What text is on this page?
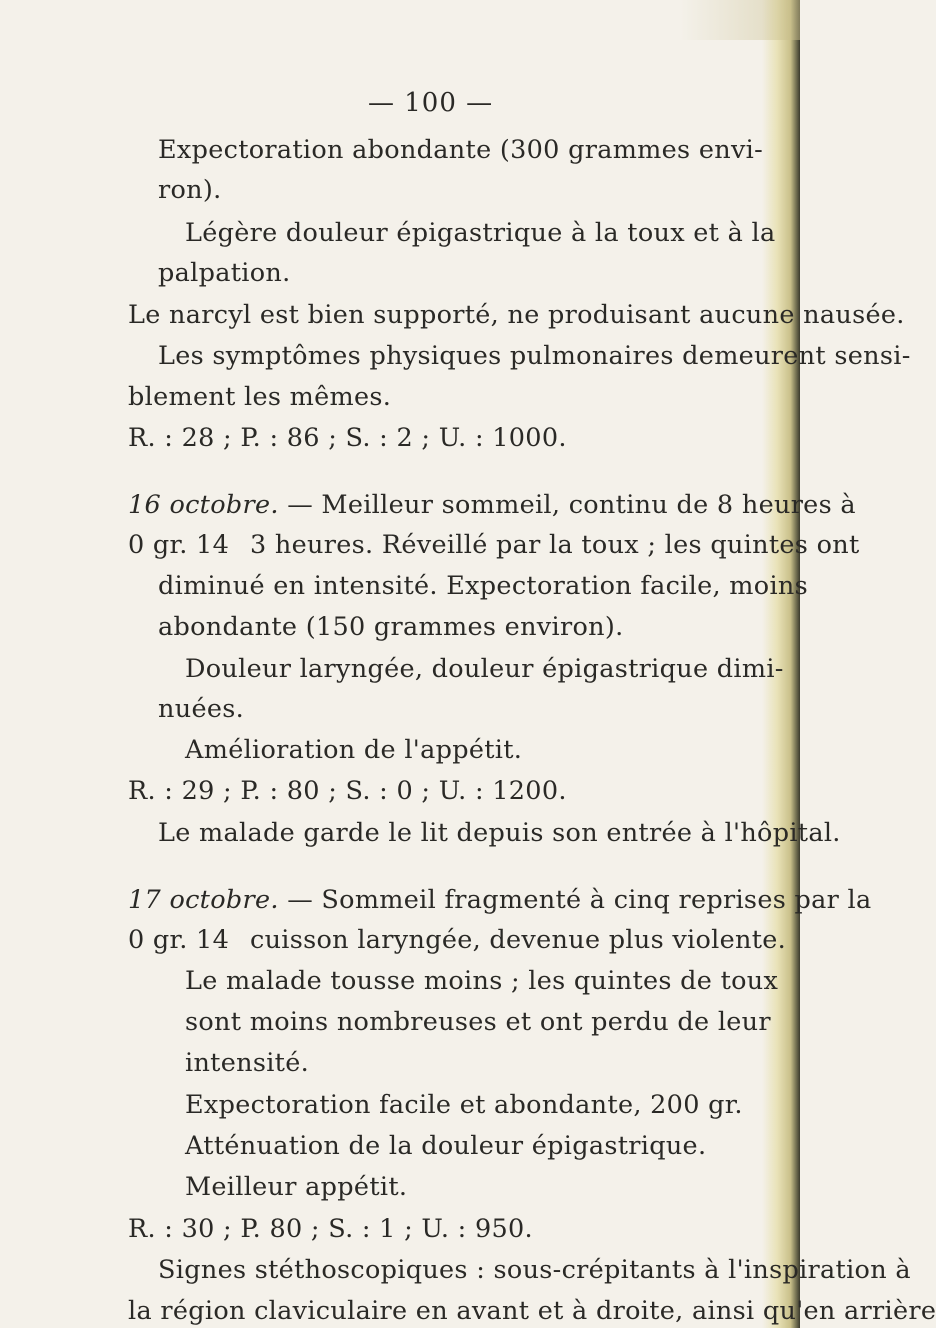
— 100 —
Expectoration abondante (300 grammes envi-
ron).
Légère douleur épigastrique à la toux et à la
palpation.
Le narcyl est bien supporté, ne produisant aucune nausée.
Les symptômes physiques pulmonaires demeurent sensi-
blement les mêmes.
R. : 28 ; P. : 86 ; S. : 2 ; U. : 1000.
16 octobre. — Meilleur sommeil, continu de 8 heures à
0 gr. 14 3 heures. Réveillé par la toux ; les quintes ont
diminué en intensité. Expectoration facile, moins
abondante (150 grammes environ).
Douleur laryngée, douleur épigastrique dimi-
nuées.
Amélioration de l'appétit.
R. : 29 ; P. : 80 ; S. : 0 ; U. : 1200.
Le malade garde le lit depuis son entrée à l'hôpital.
17 octobre. — Sommeil fragmenté à cinq reprises par la
0 gr. 14 cuisson laryngée, devenue plus violente.
Le malade tousse moins ; les quintes de toux
sont moins nombreuses et ont perdu de leur
intensité.
Expectoration facile et abondante, 200 gr.
Atténuation de la douleur épigastrique.
Meilleur appétit.
R. : 30 ; P. 80 ; S. : 1 ; U. : 950.
Signes stéthoscopiques : sous-crépitants à l'inspiration à
la région claviculaire en avant et à droite, ainsi qu'en arrière
